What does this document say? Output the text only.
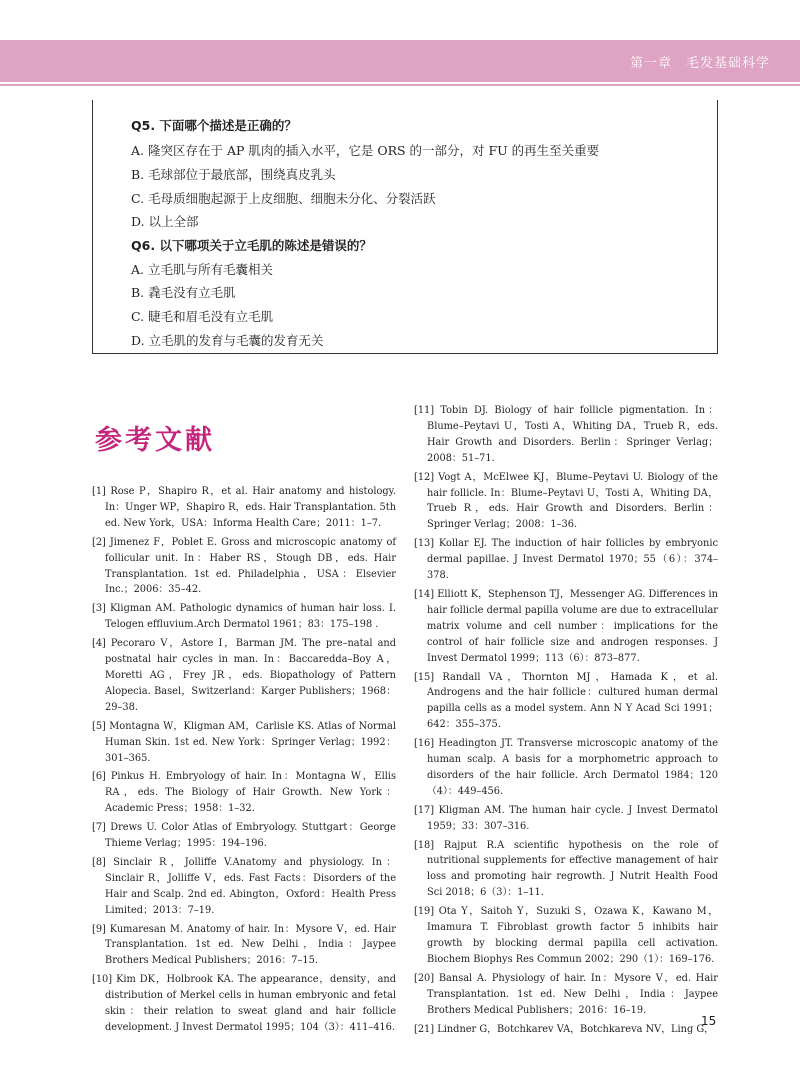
第一章　毛发基础科学
Q5. 下面哪个描述是正确的？
A. 隆突区存在于 AP 肌肉的插入水平，它是 ORS 的一部分，对 FU 的再生至关重要
B. 毛球部位于最底部，围绕真皮乳头
C. 毛母质细胞起源于上皮细胞、细胞未分化、分裂活跃
D. 以上全部
Q6. 以下哪项关于立毛肌的陈述是错误的？
A. 立毛肌与所有毛囊相关
B. 毳毛没有立毛肌
C. 睫毛和眉毛没有立毛肌
D. 立毛肌的发育与毛囊的发育无关
参考文献

[1] Rose P，Shapiro R，et al. Hair anatomy and histology. In：Unger WP，Shapiro R，eds. Hair Transplantation. 5th ed. New York，USA：Informa Health Care；2011：1–7.

[2] Jimenez F，Poblet E. Gross and microscopic anatomy of follicular unit. In：Haber RS，Stough DB，eds. Hair Transplantation. 1st ed. Philadelphia，USA：Elsevier Inc.；2006：35–42.

[3] Kligman AM. Pathologic dynamics of human hair loss. I. Telogen effluvium.Arch Dermatol 1961；83：175–198 .

[4] Pecoraro V，Astore I，Barman JM. The pre–natal and postnatal hair cycles in man. In：Baccaredda–Boy A，Moretti AG，Frey JR，eds. Biopathology of Pattern Alopecia. Basel，Switzerland：Karger Publishers；1968：29–38.

[5] Montagna W，Kligman AM，Carlisle KS. Atlas of Normal Human Skin. 1st ed. New York：Springer Verlag；1992：301–365.

[6] Pinkus H. Embryology of hair. In：Montagna W，Ellis RA，eds. The Biology of Hair Growth. New York：Academic Press；1958：1–32.

[7] Drews U. Color Atlas of Embryology. Stuttgart：George Thieme Verlag；1995：194–196.

[8] Sinclair R，Jolliffe V.Anatomy and physiology. In：Sinclair R，Jolliffe V，eds. Fast Facts：Disorders of the Hair and Scalp. 2nd ed. Abington，Oxford：Health Press Limited；2013：7–19.

[9] Kumaresan M. Anatomy of hair. In：Mysore V，ed. Hair Transplantation. 1st ed. New Delhi，India：Jaypee Brothers Medical Publishers；2016：7–15.

[10] Kim DK，Holbrook KA. The appearance，density，and distribution of Merkel cells in human embryonic and fetal skin：their relation to sweat gland and hair follicle development. J Invest Dermatol 1995；104（3）：411–416.

[11] Tobin DJ. Biology of hair follicle pigmentation. In：Blume–Peytavi U，Tosti A，Whiting DA，Trueb R，eds. Hair Growth and Disorders. Berlin：Springer Verlag；2008：51–71.

[12] Vogt A，McElwee KJ，Blume–Peytavi U. Biology of the hair follicle. In：Blume–Peytavi U，Tosti A，Whiting DA，Trueb R，eds. Hair Growth and Disorders. Berlin：Springer Verlag；2008：1–36.

[13] Kollar EJ. The induction of hair follicles by embryonic dermal papillae. J Invest Dermatol 1970；55（6）：374–378.

[14] Elliott K，Stephenson TJ，Messenger AG. Differences in hair follicle dermal papilla volume are due to extracellular matrix volume and cell number：implications for the control of hair follicle size and androgen responses. J Invest Dermatol 1999；113（6）：873–877.

[15] Randall VA，Thornton MJ，Hamada K，et al. Androgens and the hair follicle：cultured human dermal papilla cells as a model system. Ann N Y Acad Sci 1991；642：355–375.

[16] Headington JT. Transverse microscopic anatomy of the human scalp. A basis for a morphometric approach to disorders of the hair follicle. Arch Dermatol 1984；120（4）：449–456.

[17] Kligman AM. The human hair cycle. J Invest Dermatol 1959；33：307–316.

[18] Rajput R.A scientific hypothesis on the role of nutritional supplements for effective management of hair loss and promoting hair regrowth. J Nutrit Health Food Sci 2018；6（3）：1–11.

[19] Ota Y，Saitoh Y，Suzuki S，Ozawa K，Kawano M，Imamura T. Fibroblast growth factor 5 inhibits hair growth by blocking dermal papilla cell activation. Biochem Biophys Res Commun 2002；290（1）：169–176.

[20] Bansal A. Physiology of hair. In：Mysore V，ed. Hair Transplantation. 1st ed. New Delhi，India：Jaypee Brothers Medical Publishers；2016：16–19.

[21] Lindner G，Botchkarev VA，Botchkareva NV，Ling G，

15
